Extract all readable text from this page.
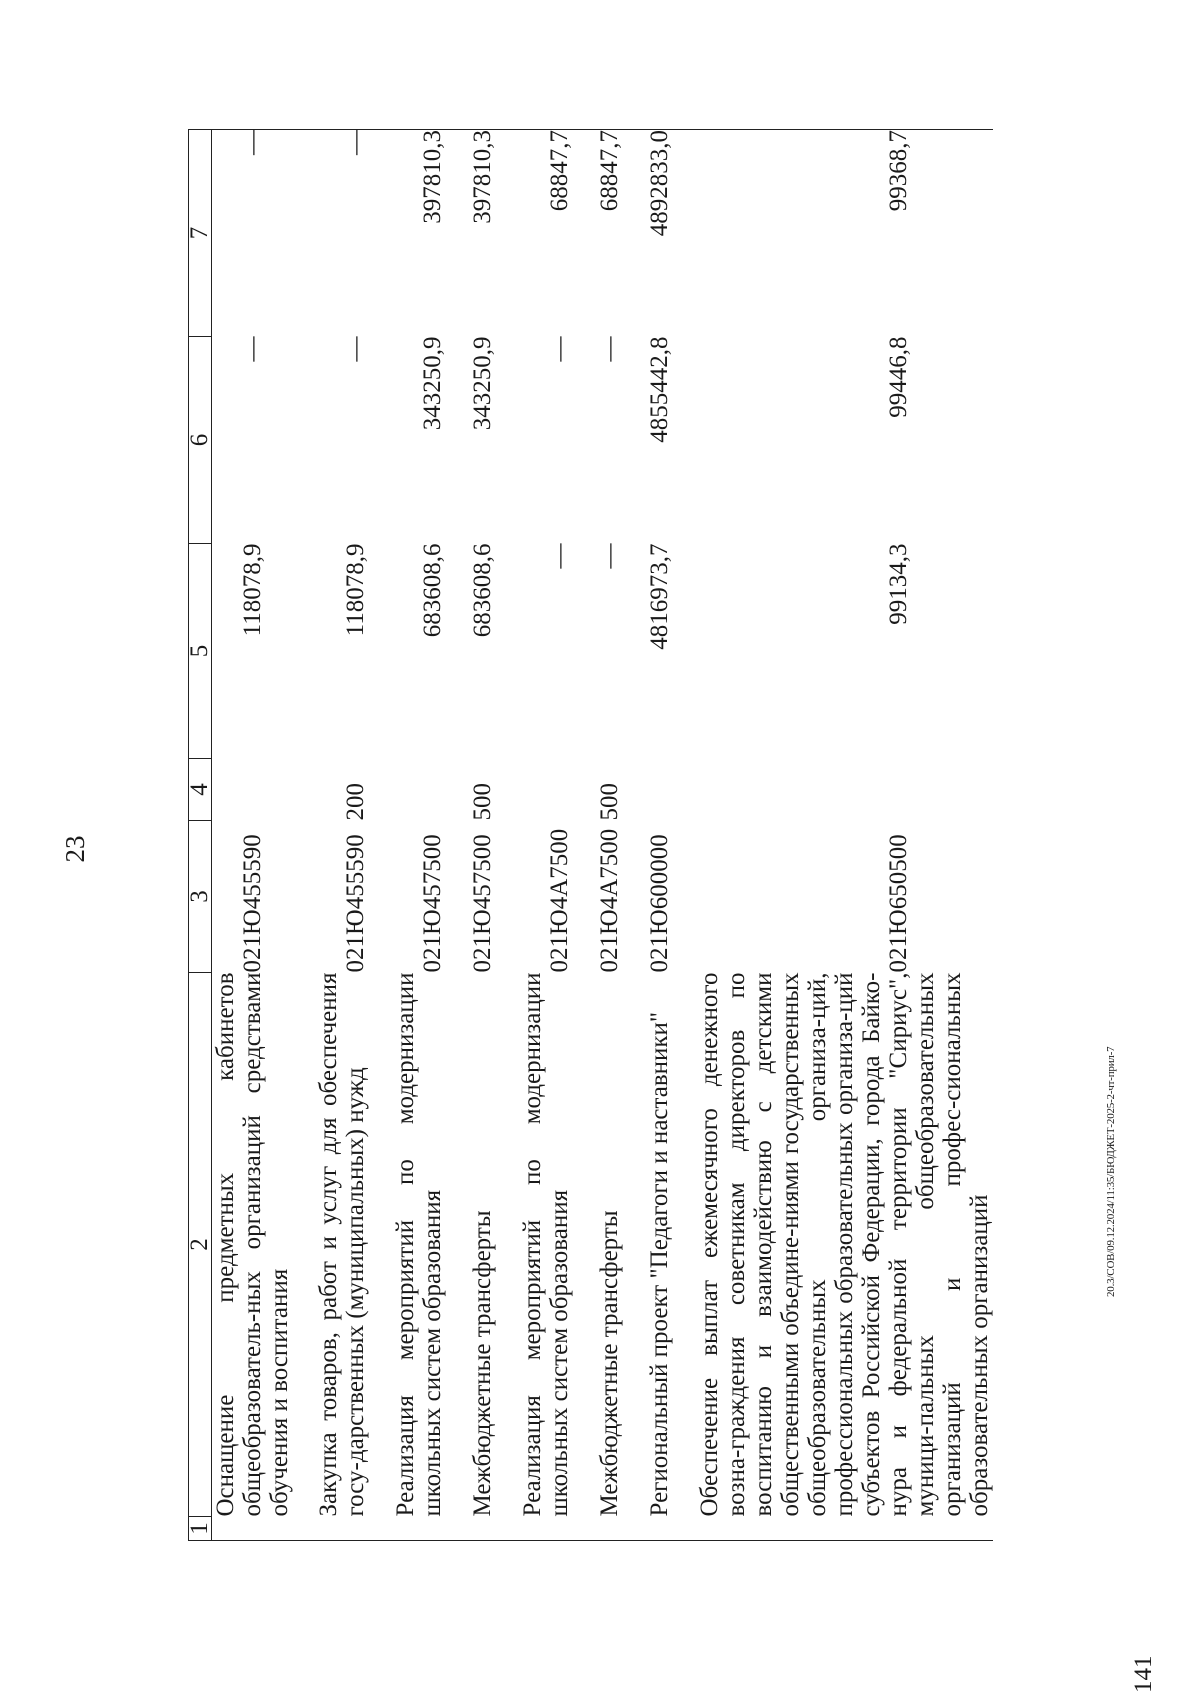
23
1	2	3	4	5	6	7
	Оснащение предметных кабинетов общеобразователь-ных организаций средствами обучения и воспитания	021Ю455590		118078,9	—	—

	Закупка товаров, работ и услуг для обеспечения госу-дарственных (муниципальных) нужд	021Ю455590	200	118078,9	—	—

	Реализация мероприятий по модернизации школьных систем образования	021Ю457500		683608,6	343250,9	397810,3

	Межбюджетные трансферты	021Ю457500	500	683608,6	343250,9	397810,3

	Реализация мероприятий по модернизации школьных систем образования	021Ю4А7500		—	—	68847,7

	Межбюджетные трансферты	021Ю4А7500	500	—	—	68847,7

	Региональный проект "Педагоги и наставники"	021Ю600000		4816973,7	4855442,8	4892833,0

	Обеспечение выплат ежемесячного денежного возна-граждения советникам директоров по воспитанию и взаимодействию с детскими общественными объедине-ниями государственных общеобразовательных организа-ций, профессиональных образовательных организа-ций субъектов Российской Федерации, города Байко-нура и федеральной территории "Сириус", муници-пальных общеобразовательных организаций и профес-сиональных образовательных организаций	021Ю650500		99134,3	99446,8	99368,7
20.3/СОВ/09.12.2024/11:35/БЮДЖЕТ-2025-2-чт-прил-7
141
